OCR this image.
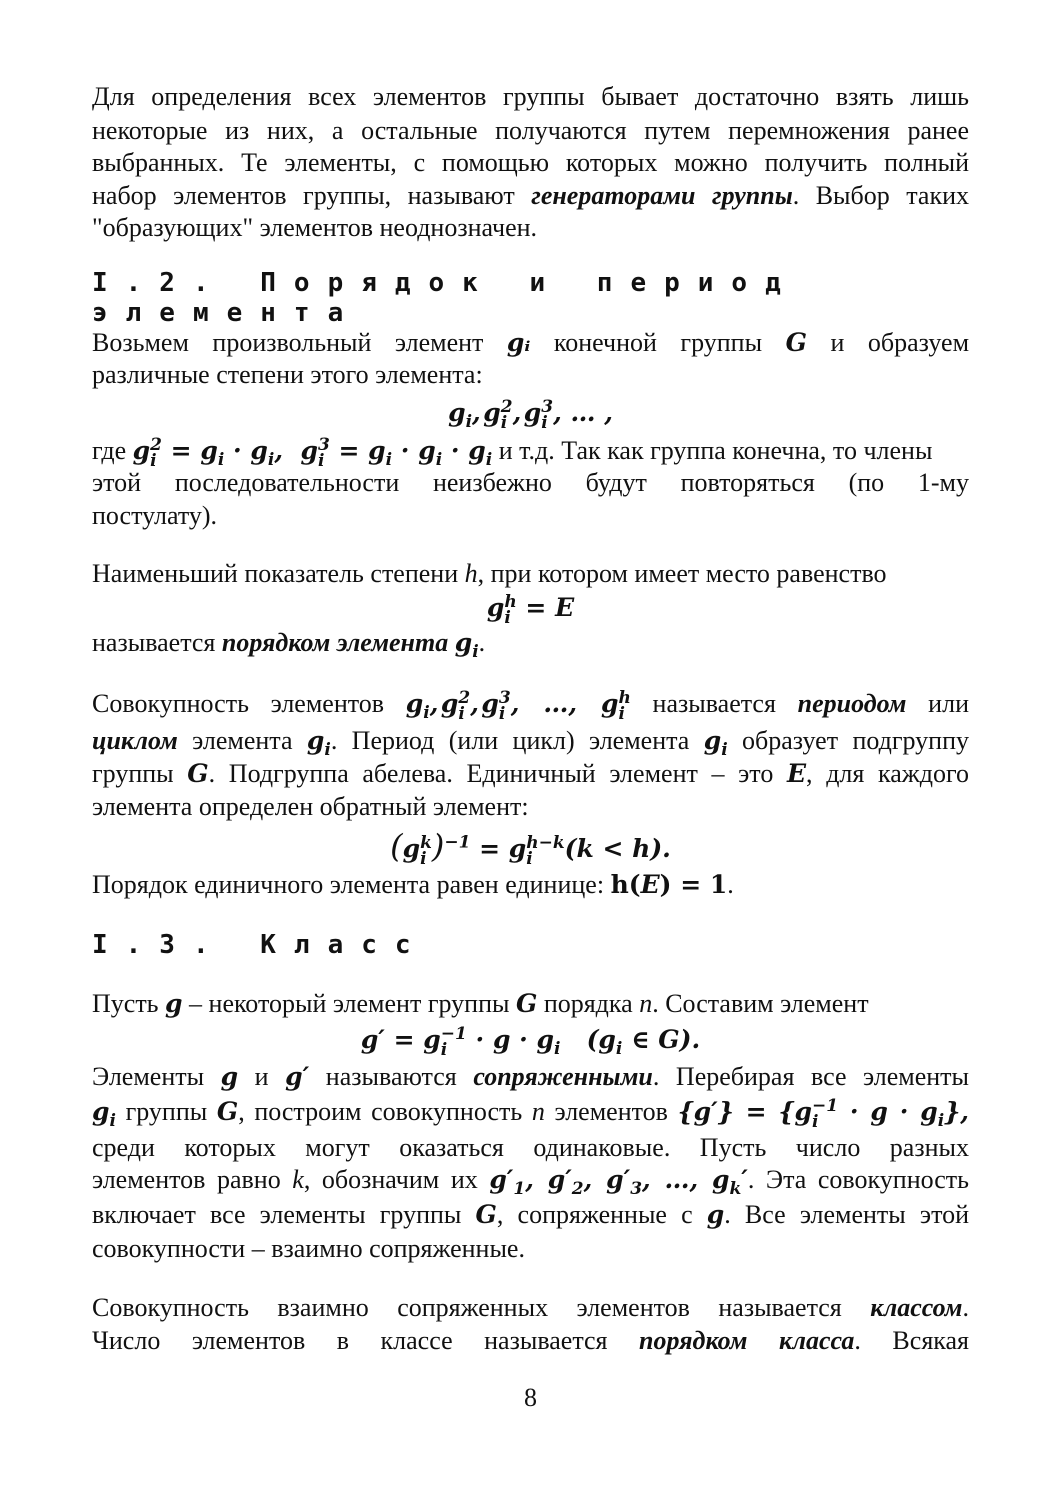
Для определения всех элементов группы бывает достаточно взять лишь
некоторые из них, а остальные получаются путем перемножения ранее
выбранных. Те элементы, с помощью которых можно получить полный
набор элементов группы, называют генераторами группы. Выбор таких
"образующих" элементов неоднозначен.
I.2. Порядок и период элемента
Возьмем произвольный элемент gᵢ конечной группы G и образуем
различные степени этого элемента:
$g_i$, g 2
i , g 3
i , … ,
где g 2
$i = g_i \cdot g_i$,  g 3
$i = g_i \cdot g_i \cdot g_i$ и т.д. Так как группа конечна, то члены
этой последовательности неизбежно будут повторяться (по 1-му
постулату).
Наименьший показатель степени h, при котором имеет место равенство
g h
i = E
называется порядком элемента $g_i$.
Совокупность элементов $g_i$, g 2
i , g 3
i , …, g h
i называется периодом или
циклом элемента $g_i$. Период (или цикл) элемента $g_i$ образует подгруппу
группы G. Подгруппа абелева. Единичный элемент – это E, для каждого
элемента определен обратный элемент:
(g k
i )$^{-1}$ = g h−k
i	(k < h).
Порядок единичного элемента равен единице: h(E) = 1.
I.3. Класс
Пусть g – некоторый элемент группы G порядка n. Составим элемент
g′ = g −1
$i \cdot g \cdot g_i$   ($g_i$ ∈ G).
Элементы g и g′ называются сопряженными. Перебирая все элементы
$g_i$ группы G, построим совокупность n элементов {g′} = {g −1
$i \cdot g \cdot g_i$},
среди которых могут оказаться одинаковые. Пусть число разных
элементов равно k, обозначим их $g'_1$, $g'_2$, $g'_3$, …, $g_k'$. Эта совокупность
включает все элементы группы G, сопряженные с g. Все элементы этой
совокупности – взаимно сопряженные.
Совокупность взаимно сопряженных элементов называется классом.
Число элементов в классе называется порядком класса. Всякая
8
